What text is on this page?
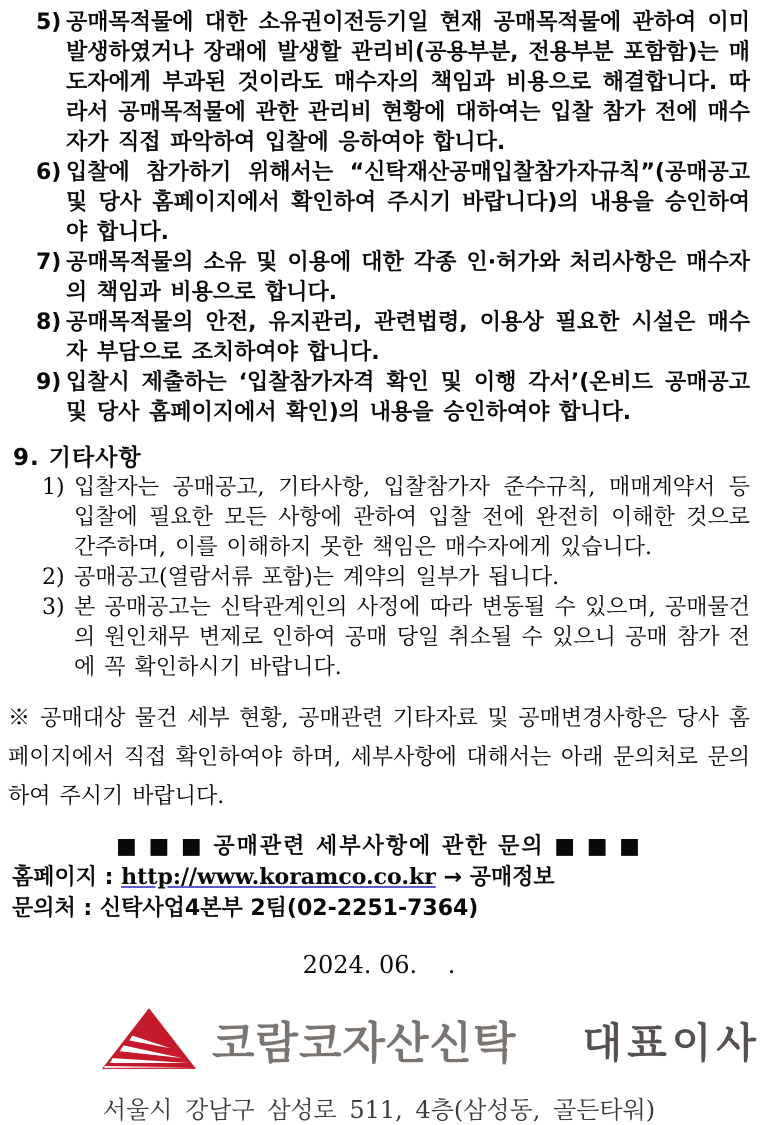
5) 공매목적물에 대한 소유권이전등기일 현재 공매목적물에 관하여 이미 발생하였거나 장래에 발생할 관리비(공용부분, 전용부분 포함함)는 매도자에게 부과된 것이라도 매수자의 책임과 비용으로 해결합니다. 따라서 공매목적물에 관한 관리비 현황에 대하여는 입찰 참가 전에 매수자가 직접 파악하여 입찰에 응하여야 합니다.
6) 입찰에 참가하기 위해서는 “신탁재산공매입찰참가자규칙”(공매공고 및 당사 홈페이지에서 확인하여 주시기 바랍니다)의 내용을 승인하여야 합니다.
7) 공매목적물의 소유 및 이용에 대한 각종 인·허가와 처리사항은 매수자의 책임과 비용으로 합니다.
8) 공매목적물의 안전, 유지관리, 관련법령, 이용상 필요한 시설은 매수자 부담으로 조치하여야 합니다.
9) 입찰시 제출하는 ‘입찰참가자격 확인 및 이행 각서’(온비드 공매공고 및 당사 홈페이지에서 확인)의 내용을 승인하여야 합니다.
9. 기타사항
1) 입찰자는 공매공고, 기타사항, 입찰참가자 준수규칙, 매매계약서 등 입찰에 필요한 모든 사항에 관하여 입찰 전에 완전히 이해한 것으로 간주하며, 이를 이해하지 못한 책임은 매수자에게 있습니다.
2) 공매공고(열람서류 포함)는 계약의 일부가 됩니다.
3) 본 공매공고는 신탁관계인의 사정에 따라 변동될 수 있으며, 공매물건의 원인채무 변제로 인하여 공매 당일 취소될 수 있으니 공매 참가 전에 꼭 확인하시기 바랍니다.
※ 공매대상 물건 세부 현황, 공매관련 기타자료 및 공매변경사항은 당사 홈페이지에서 직접 확인하여야 하며, 세부사항에 대해서는 아래 문의처로 문의하여 주시기 바랍니다.
■ ■ ■ 공매관련 세부사항에 관한 문의 ■ ■ ■
홈페이지 : http://www.koramco.co.kr → 공매정보
문의처 : 신탁사업4본부 2팀(02-2251-7364)
2024. 06.    .
코람코자산신탁 대표이사
서울시 강남구 삼성로 511, 4층(삼성동, 골든타워)
